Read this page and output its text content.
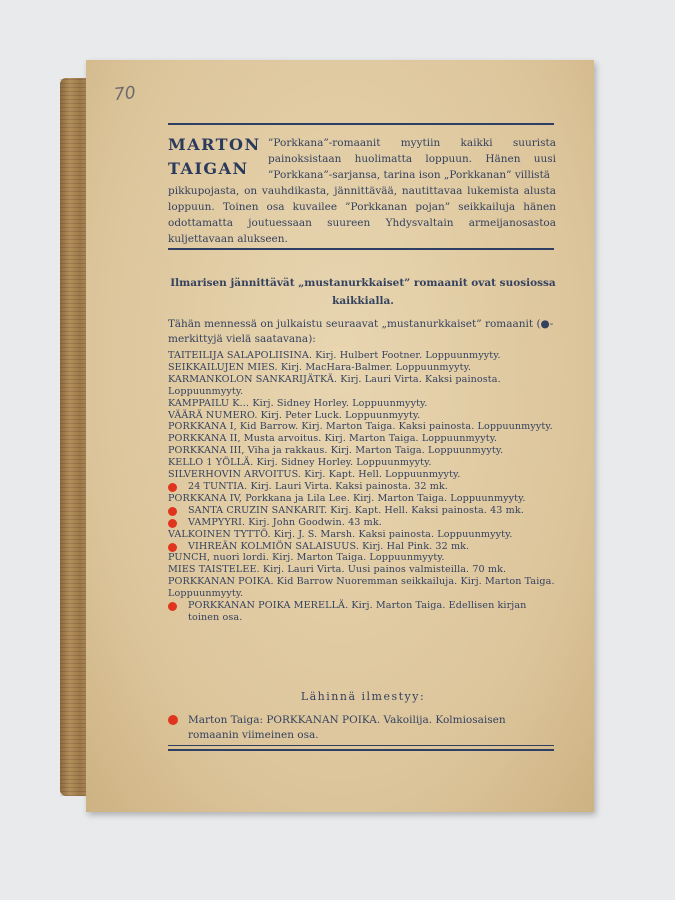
70

MARTON
TAIGAN

”Porkkana”-romaanit myytiin kaikki suurista painoksistaan huolimatta loppuun. Hänen uusi ”Porkkana”-sarjansa, tarina ison „Porkkanan” villistä

pikkupojasta, on vauhdikasta, jännittävää, nautittavaa lukemista alusta loppuun. Toinen osa kuvailee ”Porkkanan pojan” seikkailuja hänen odottamatta joutuessaan suureen Yhdysvaltain armeijanosastoa kuljettavaan alukseen.

Ilmarisen jännittävät „mustanurkkaiset” romaanit ovat suosiossa kaikkialla.

Tähän mennessä on julkaistu seuraavat „mustanurkkaiset” romaanit (●-merkittyjä vielä saatavana):

TAITEILIJA SALAPOLIISINA. Kirj. Hulbert Footner. Loppuunmyyty.
SEIKKAILUJEN MIES. Kirj. MacHara-Balmer. Loppuunmyyty.
KARMANKOLON SANKARIJÄTKÄ. Kirj. Lauri Virta. Kaksi painosta. Loppuunmyyty.
KAMPPAILU K… Kirj. Sidney Horley. Loppuunmyyty.
VÄÄRÄ NUMERO. Kirj. Peter Luck. Loppuunmyyty.
PORKKANA I, Kid Barrow. Kirj. Marton Taiga. Kaksi painosta. Loppuunmyyty.
PORKKANA II, Musta arvoitus. Kirj. Marton Taiga. Loppuunmyyty.
PORKKANA III, Viha ja rakkaus. Kirj. Marton Taiga. Loppuunmyyty.
KELLO 1 YÖLLÄ. Kirj. Sidney Horley. Loppuunmyyty.
SILVERHOVIN ARVOITUS. Kirj. Kapt. Hell. Loppuunmyyty.
24 TUNTIA. Kirj. Lauri Virta. Kaksi painosta. 32 mk.
PORKKANA IV, Porkkana ja Lila Lee. Kirj. Marton Taiga. Loppuunmyyty.
SANTA CRUZIN SANKARIT. Kirj. Kapt. Hell. Kaksi painosta. 43 mk.
VAMPYYRI. Kirj. John Goodwin. 43 mk.
VALKOINEN TYTTÖ. Kirj. J. S. Marsh. Kaksi painosta. Loppuunmyyty.
VIHREÄN KOLMIÖN SALAISUUS. Kirj. Hal Pink. 32 mk.
PUNCH, nuori lordi. Kirj. Marton Taiga. Loppuunmyyty.
MIES TAISTELEE. Kirj. Lauri Virta. Uusi painos valmisteilla. 70 mk.
PORKKANAN POIKA. Kid Barrow Nuoremman seikkailuja. Kirj. Marton Taiga. Loppuunmyyty.
PORKKANAN POIKA MERELLÄ. Kirj. Marton Taiga. Edellisen kirjan toinen osa.

Lähinnä ilmestyy:

Marton Taiga: PORKKANAN POIKA. Vakoilija. Kolmiosaisen romaanin viimeinen osa.
